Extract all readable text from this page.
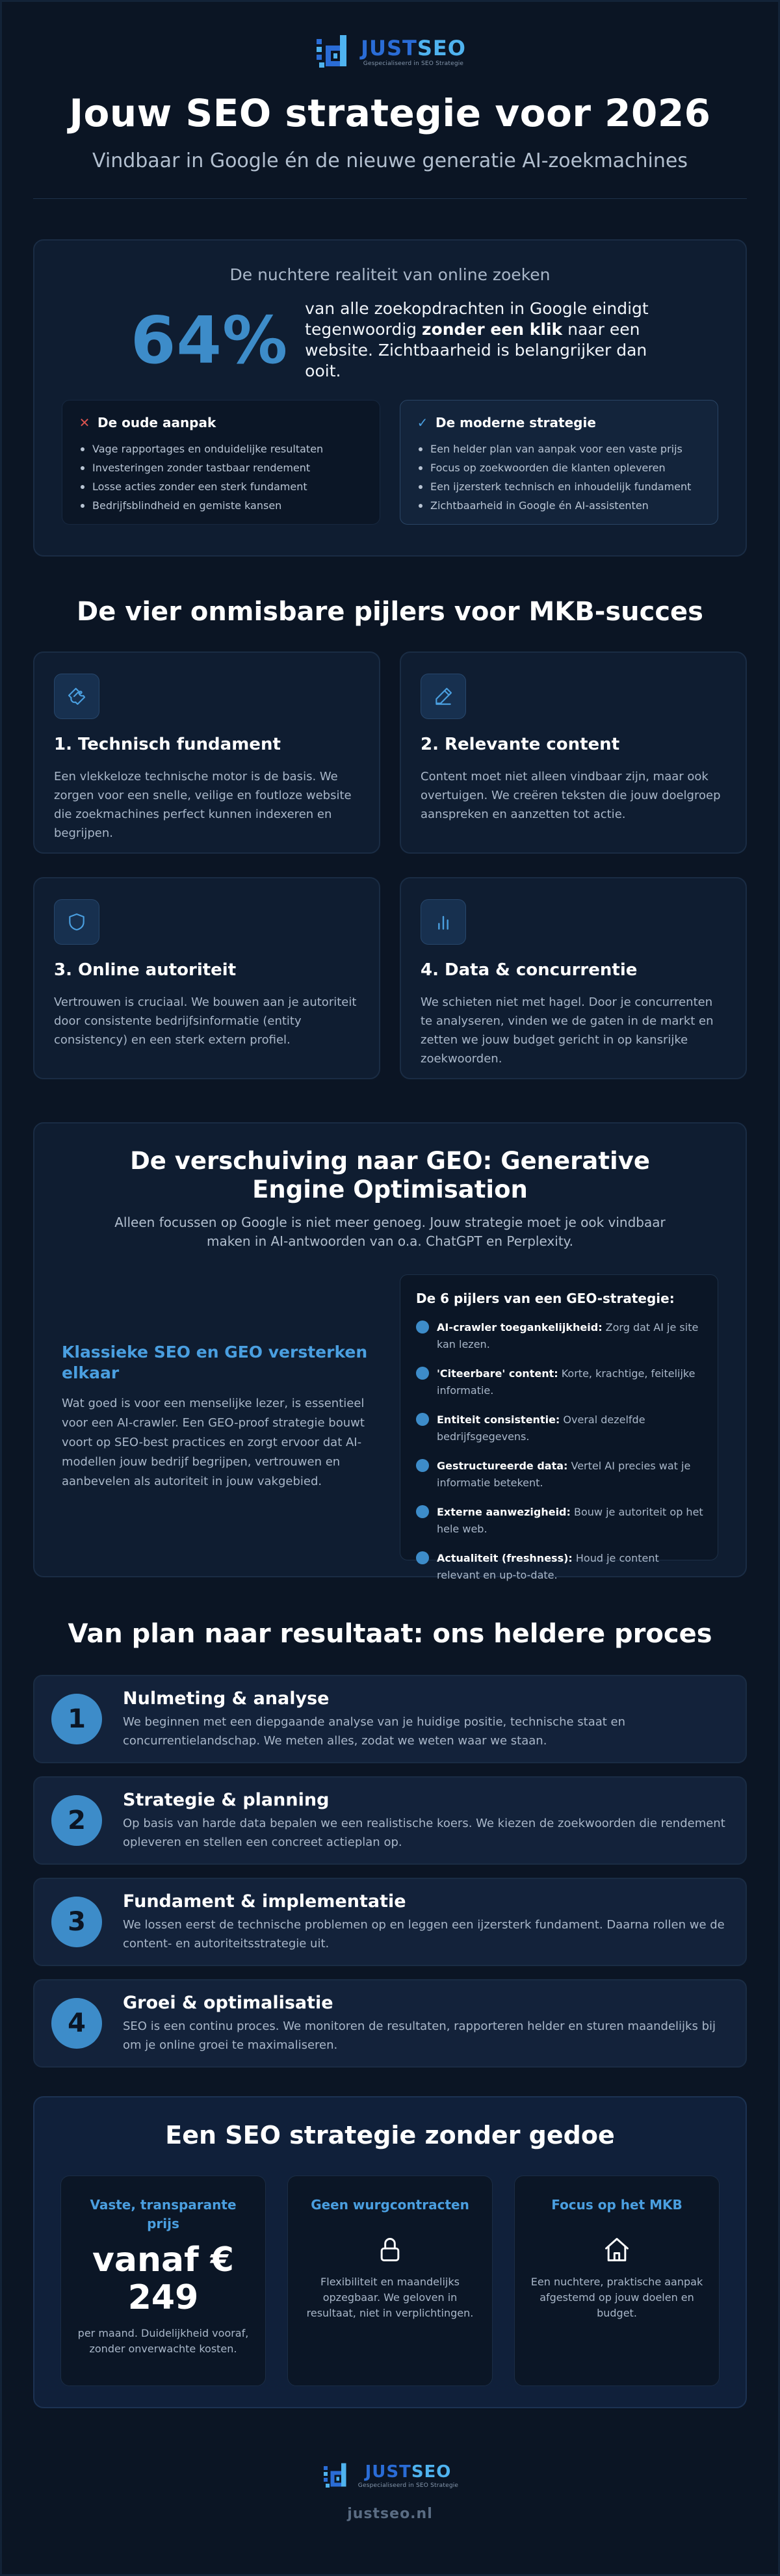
JUSTSEO
Gespecialiseerd in SEO Strategie
Jouw SEO strategie voor 2026
Vindbaar in Google én de nieuwe generatie AI-zoekmachines
De nuchtere realiteit van online zoeken
64% van alle zoekopdrachten in Google eindigt tegenwoordig zonder een klik naar een website. Zichtbaarheid is belangrijker dan ooit.
✕ De oude aanpak
Vage rapportages en onduidelijke resultaten
Investeringen zonder tastbaar rendement
Losse acties zonder een sterk fundament
Bedrijfsblindheid en gemiste kansen
✓ De moderne strategie
Een helder plan van aanpak voor een vaste prijs
Focus op zoekwoorden die klanten opleveren
Een ijzersterk technisch en inhoudelijk fundament
Zichtbaarheid in Google én AI-assistenten
De vier onmisbare pijlers voor MKB-succes
1. Technisch fundament
Een vlekkeloze technische motor is de basis. We zorgen voor een snelle, veilige en foutloze website die zoekmachines perfect kunnen indexeren en begrijpen.
2. Relevante content
Content moet niet alleen vindbaar zijn, maar ook overtuigen. We creëren teksten die jouw doelgroep aanspreken en aanzetten tot actie.
3. Online autoriteit
Vertrouwen is cruciaal. We bouwen aan je autoriteit door consistente bedrijfsinformatie (entity consistency) en een sterk extern profiel.
4. Data & concurrentie
We schieten niet met hagel. Door je concurrenten te analyseren, vinden we de gaten in de markt en zetten we jouw budget gericht in op kansrijke zoekwoorden.
De verschuiving naar GEO: Generative Engine Optimisation
Alleen focussen op Google is niet meer genoeg. Jouw strategie moet je ook vindbaar maken in AI-antwoorden van o.a. ChatGPT en Perplexity.
Klassieke SEO en GEO versterken elkaar

Wat goed is voor een menselijke lezer, is essentieel voor een AI-crawler. Een GEO-proof strategie bouwt voort op SEO-best practices en zorgt ervoor dat AI-modellen jouw bedrijf begrijpen, vertrouwen en aanbevelen als autoriteit in jouw vakgebied.

De 6 pijlers van een GEO-strategie:
AI-crawler toegankelijkheid: Zorg dat AI je site kan lezen.
'Citeerbare' content: Korte, krachtige, feitelijke informatie.
Entiteit consistentie: Overal dezelfde bedrijfsgegevens.
Gestructureerde data: Vertel AI precies wat je informatie betekent.
Externe aanwezigheid: Bouw je autoriteit op het hele web.
Actualiteit (freshness): Houd je content relevant en up-to-date.
Van plan naar resultaat: ons heldere proces
1
Nulmeting & analyse
We beginnen met een diepgaande analyse van je huidige positie, technische staat en concurrentielandschap. We meten alles, zodat we weten waar we staan.
2
Strategie & planning
Op basis van harde data bepalen we een realistische koers. We kiezen de zoekwoorden die rendement opleveren en stellen een concreet actieplan op.
3
Fundament & implementatie
We lossen eerst de technische problemen op en leggen een ijzersterk fundament. Daarna rollen we de content- en autoriteitsstrategie uit.
4
Groei & optimalisatie
SEO is een continu proces. We monitoren de resultaten, rapporteren helder en sturen maandelijks bij om je online groei te maximaliseren.
Een SEO strategie zonder gedoe
Vaste, transparante prijs
vanaf € 249
per maand. Duidelijkheid vooraf, zonder onverwachte kosten.
Geen wurgcontracten
Flexibiliteit en maandelijks opzegbaar. We geloven in resultaat, niet in verplichtingen.
Focus op het MKB
Een nuchtere, praktische aanpak afgestemd op jouw doelen en budget.
JUSTSEO
Gespecialiseerd in SEO Strategie
justseo.nl
